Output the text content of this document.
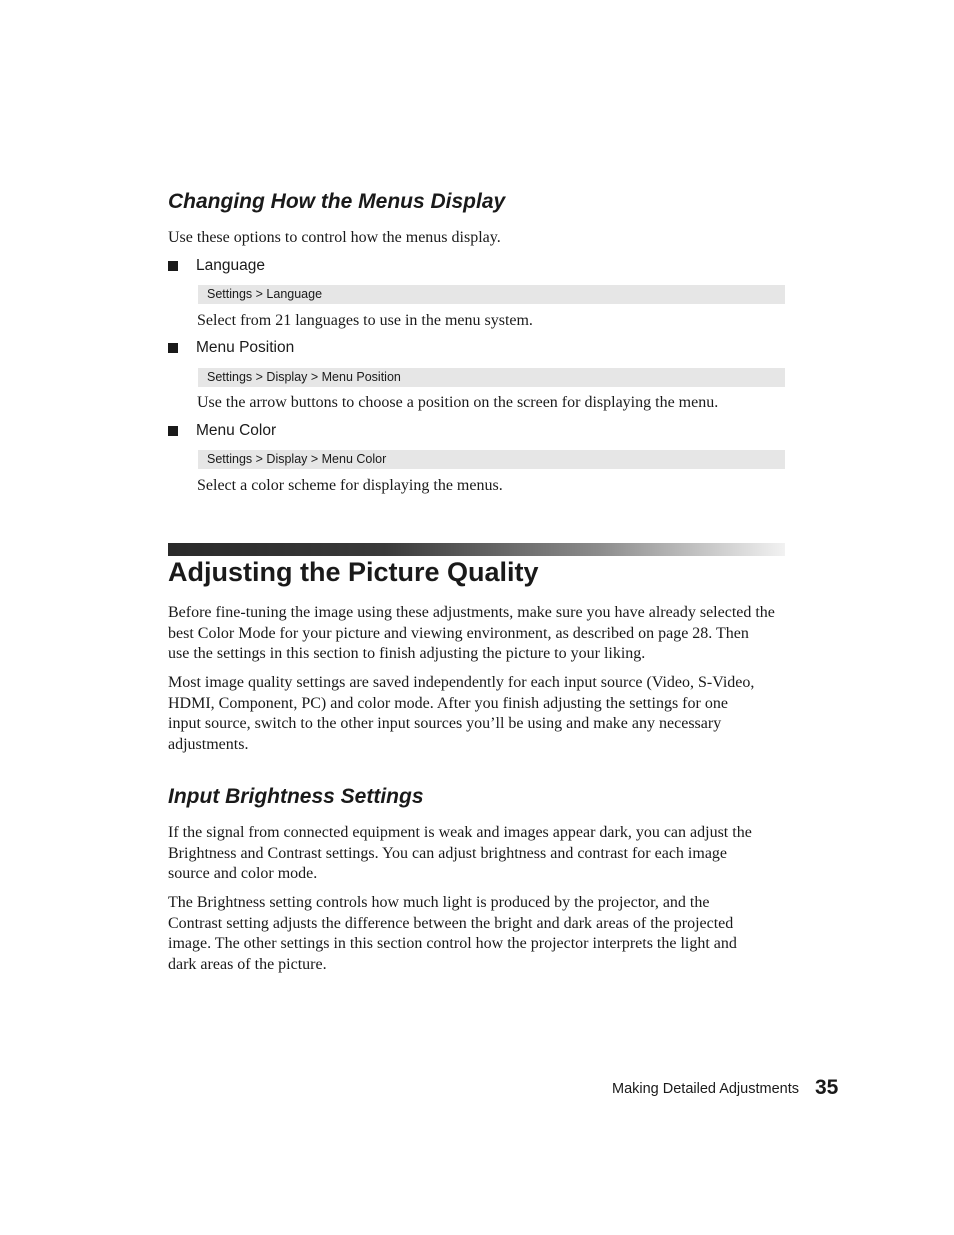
Changing How the Menus Display
Use these options to control how the menus display.
Language
Settings > Language
Select from 21 languages to use in the menu system.
Menu Position
Settings > Display > Menu Position
Use the arrow buttons to choose a position on the screen for displaying the menu.
Menu Color
Settings > Display > Menu Color
Select a color scheme for displaying the menus.
Adjusting the Picture Quality
Before fine-tuning the image using these adjustments, make sure you have already selected the
best Color Mode for your picture and viewing environment, as described on page 28. Then
use the settings in this section to finish adjusting the picture to your liking.
Most image quality settings are saved independently for each input source (Video, S-Video,
HDMI, Component, PC) and color mode. After you finish adjusting the settings for one
input source, switch to the other input sources you’ll be using and make any necessary
adjustments.
Input Brightness Settings
If the signal from connected equipment is weak and images appear dark, you can adjust the
Brightness and Contrast settings. You can adjust brightness and contrast for each image
source and color mode.
The Brightness setting controls how much light is produced by the projector, and the
Contrast setting adjusts the difference between the bright and dark areas of the projected
image. The other settings in this section control how the projector interprets the light and
dark areas of the picture.
Making Detailed Adjustments 35
